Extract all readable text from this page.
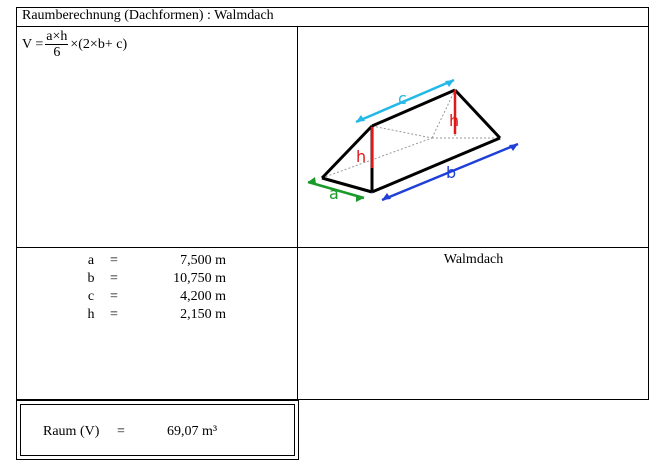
Raumberechnung (Dachformen) : Walmdach
$V = \frac{a\times h}{6} \times(2\times b+ c)$
c
b
a
h
h
a	=	7,500 m
b	=	10,750 m
c	=	4,200 m
h	=	2,150 m
Walmdach
Raum (V) =	69,07 m³
